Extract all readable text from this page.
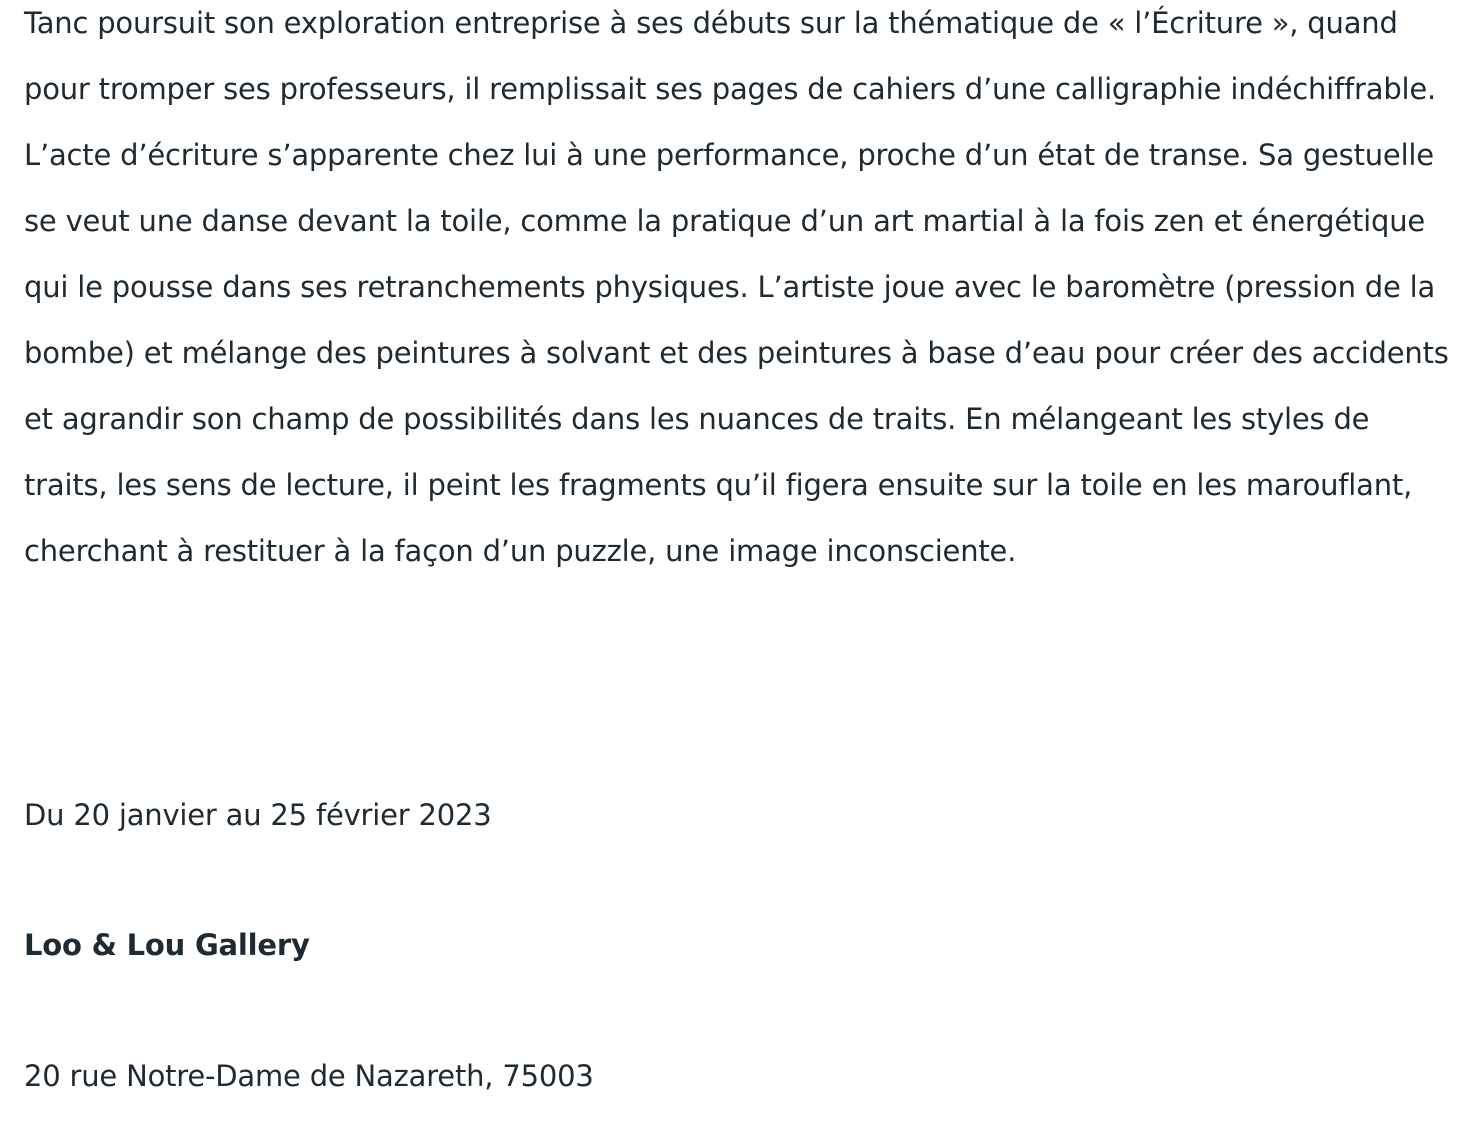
Tanc poursuit son exploration entreprise à ses débuts sur la thématique de « l’Écriture », quand pour tromper ses professeurs, il remplissait ses pages de cahiers d’une calligraphie indéchiffrable. L’acte d’écriture s’apparente chez lui à une performance, proche d’un état de transe. Sa gestuelle se veut une danse devant la toile, comme la pratique d’un art martial à la fois zen et énergétique qui le pousse dans ses retranchements physiques. L’artiste joue avec le baromètre (pression de la bombe) et mélange des peintures à solvant et des peintures à base d’eau pour créer des accidents et agrandir son champ de possibilités dans les nuances de traits. En mélangeant les styles de traits, les sens de lecture, il peint les fragments qu’il figera ensuite sur la toile en les marouflant, cherchant à restituer à la façon d’un puzzle, une image inconsciente.

Du 20 janvier au 25 février 2023

Loo & Lou Gallery

20 rue Notre-Dame de Nazareth, 75003
